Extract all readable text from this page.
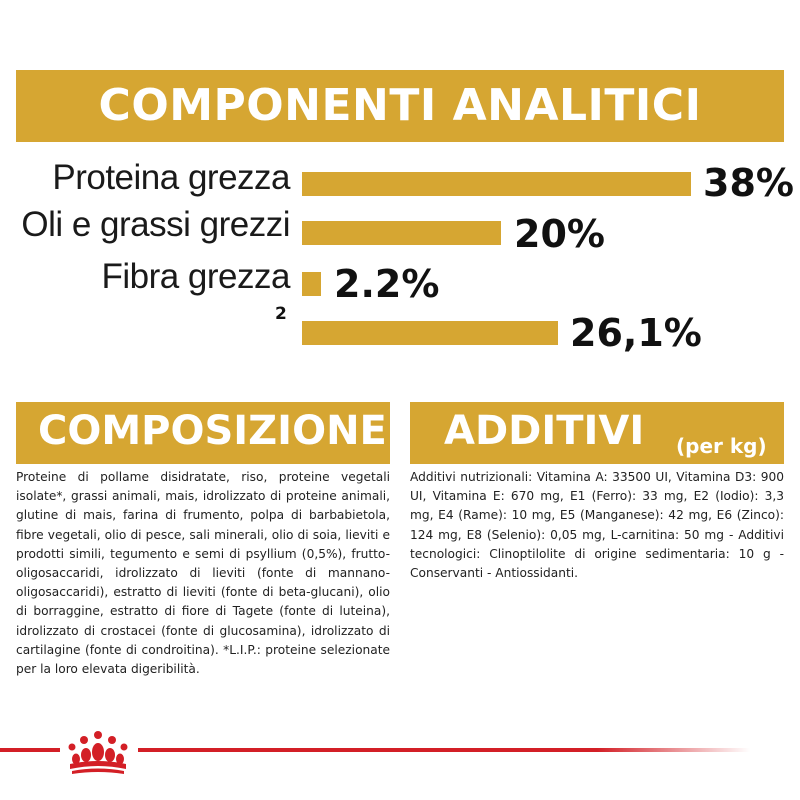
COMPONENTI ANALITICI
Proteina grezza	38%
Oli e grassi grezzi	20%
Fibra grezza 2.2%
2	26,1%
COMPOSIZIONE
Proteine di pollame disidratate, riso, proteine vegetali isolate*, grassi animali, mais, idrolizzato di proteine animali, glutine di mais, farina di frumento, polpa di barbabietola, fibre vegetali, olio di pesce, sali minerali, olio di soia, lieviti e prodotti simili, tegumento e semi di psyllium (0,5%), frutto-oligosaccaridi, idrolizzato di lieviti (fonte di mannano-oligosaccaridi), estratto di lieviti (fonte di beta-glucani), olio di borraggine, estratto di fiore di Tagete (fonte di luteina), idrolizzato di crostacei (fonte di glucosamina), idrolizzato di cartilagine (fonte di condroitina). *L.I.P.: proteine selezionate per la loro elevata digeribilità.
ADDITIVI (per kg)
Additivi nutrizionali: Vitamina A: 33500 UI, Vitamina D3: 900 UI, Vitamina E: 670 mg, E1 (Ferro): 33 mg, E2 (Iodio): 3,3 mg, E4 (Rame): 10 mg, E5 (Manganese): 42 mg, E6 (Zinco): 124 mg, E8 (Selenio): 0,05 mg, L-carnitina: 50 mg - Additivi tecnologici: Clinoptilolite di origine sedimentaria: 10 g - Conservanti - Antiossidanti.
